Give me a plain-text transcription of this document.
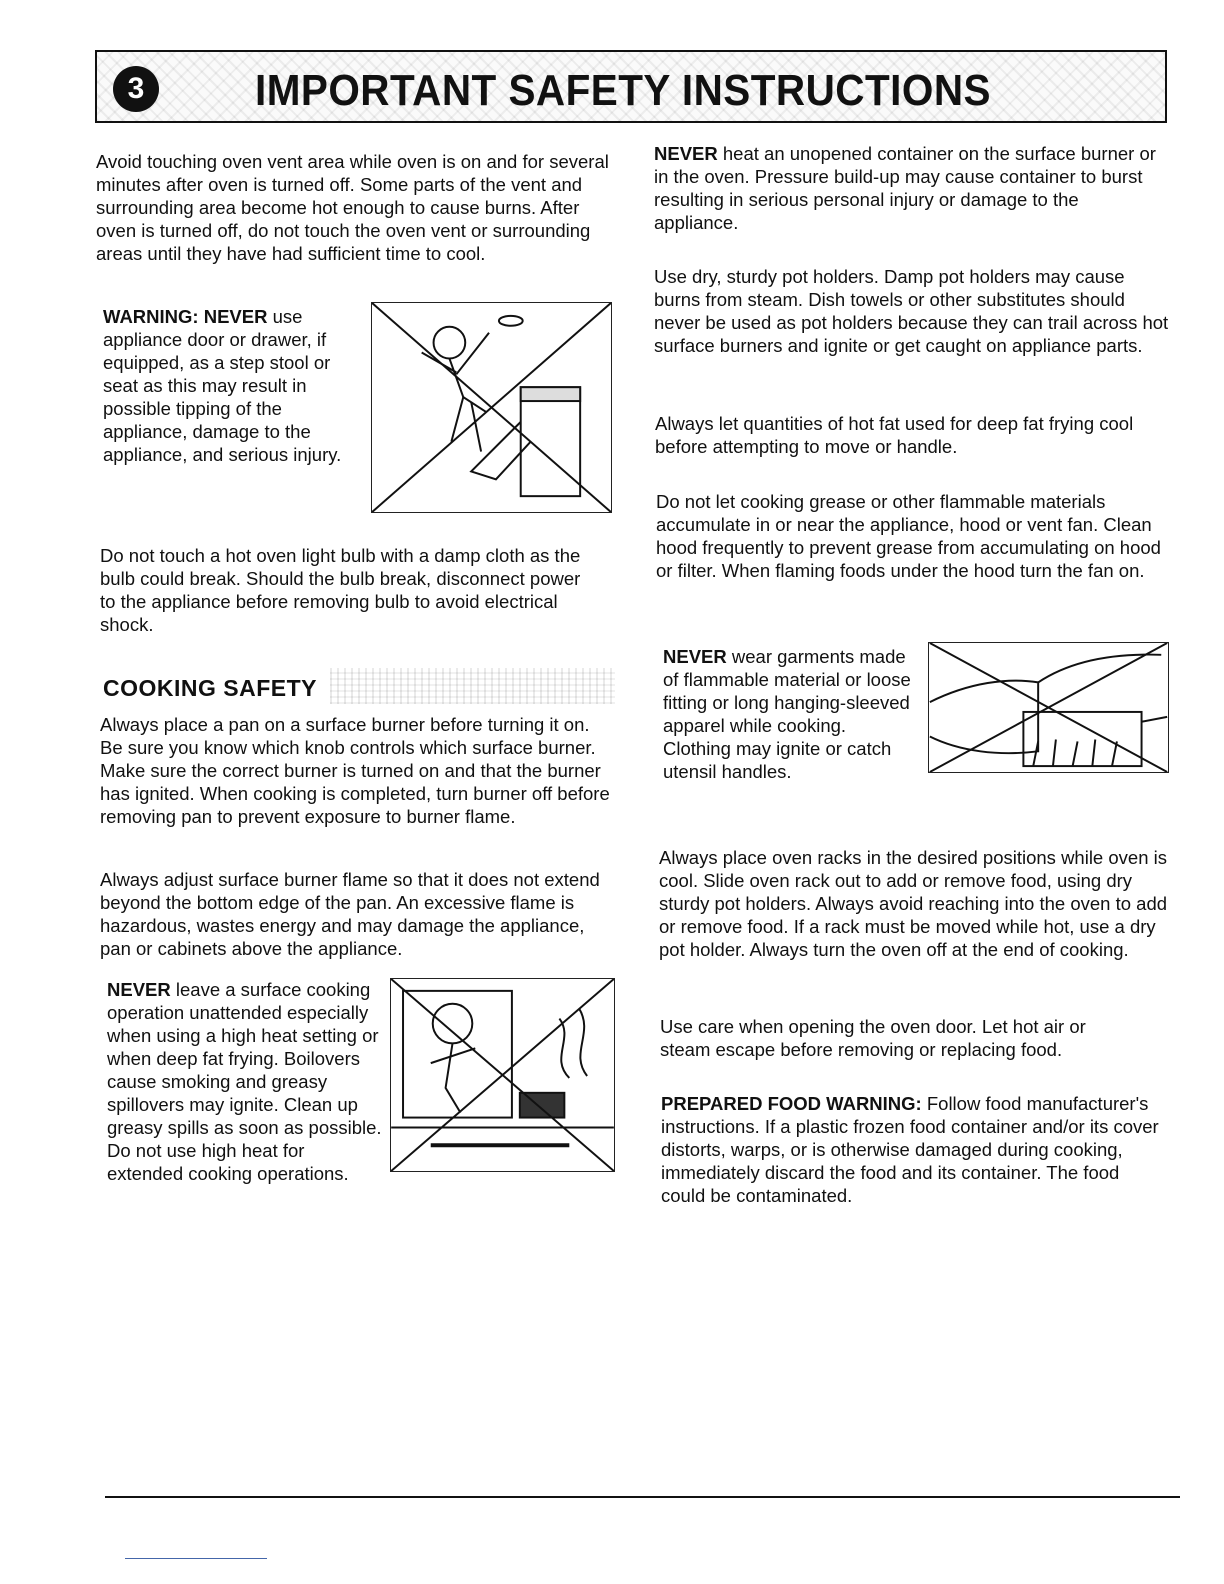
3	IMPORTANT SAFETY INSTRUCTIONS

Avoid touching oven vent area while oven is on and for several minutes after oven is turned off. Some parts of the vent and surrounding area become hot enough to cause burns. After oven is turned off, do not touch the oven vent or surrounding areas until they have had sufficient time to cool.

WARNING: NEVER use appliance door or drawer, if equipped, as a step stool or seat as this may result in possible tipping of the appliance, damage to the appliance, and serious injury.

Do not touch a hot oven light bulb with a damp cloth as the bulb could break. Should the bulb break, disconnect power to the appliance before removing bulb to avoid electrical shock.

COOKING SAFETY

Always place a pan on a surface burner before turning it on. Be sure you know which knob controls which surface burner. Make sure the correct burner is turned on and that the burner has ignited. When cooking is completed, turn burner off before removing pan to prevent exposure to burner flame.

Always adjust surface burner flame so that it does not extend beyond the bottom edge of the pan. An excessive flame is hazardous, wastes energy and may damage the appliance, pan or cabinets above the appliance.

NEVER leave a surface cooking operation unattended especially when using a high heat setting or when deep fat frying. Boilovers cause smoking and greasy spillovers may ignite. Clean up greasy spills as soon as possible. Do not use high heat for extended cooking operations.

NEVER heat an unopened container on the surface burner or in the oven. Pressure build-up may cause container to burst resulting in serious personal injury or damage to the appliance.

Use dry, sturdy pot holders. Damp pot holders may cause burns from steam. Dish towels or other substitutes should never be used as pot holders because they can trail across hot surface burners and ignite or get caught on appliance parts.

Always let quantities of hot fat used for deep fat frying cool before attempting to move or handle.

Do not let cooking grease or other flammable materials accumulate in or near the appliance, hood or vent fan. Clean hood frequently to prevent grease from accumulating on hood or filter. When flaming foods under the hood turn the fan on.

NEVER wear garments made of flammable material or loose fitting or long hanging-sleeved apparel while cooking. Clothing may ignite or catch utensil handles.

Always place oven racks in the desired positions while oven is cool. Slide oven rack out to add or remove food, using dry sturdy pot holders. Always avoid reaching into the oven to add or remove food. If a rack must be moved while hot, use a dry pot holder. Always turn the oven off at the end of cooking.

Use care when opening the oven door. Let hot air or steam escape before removing or replacing food.

PREPARED FOOD WARNING: Follow food manufacturer's instructions. If a plastic frozen food container and/or its cover distorts, warps, or is otherwise damaged during cooking, immediately discard the food and its container. The food could be contaminated.
